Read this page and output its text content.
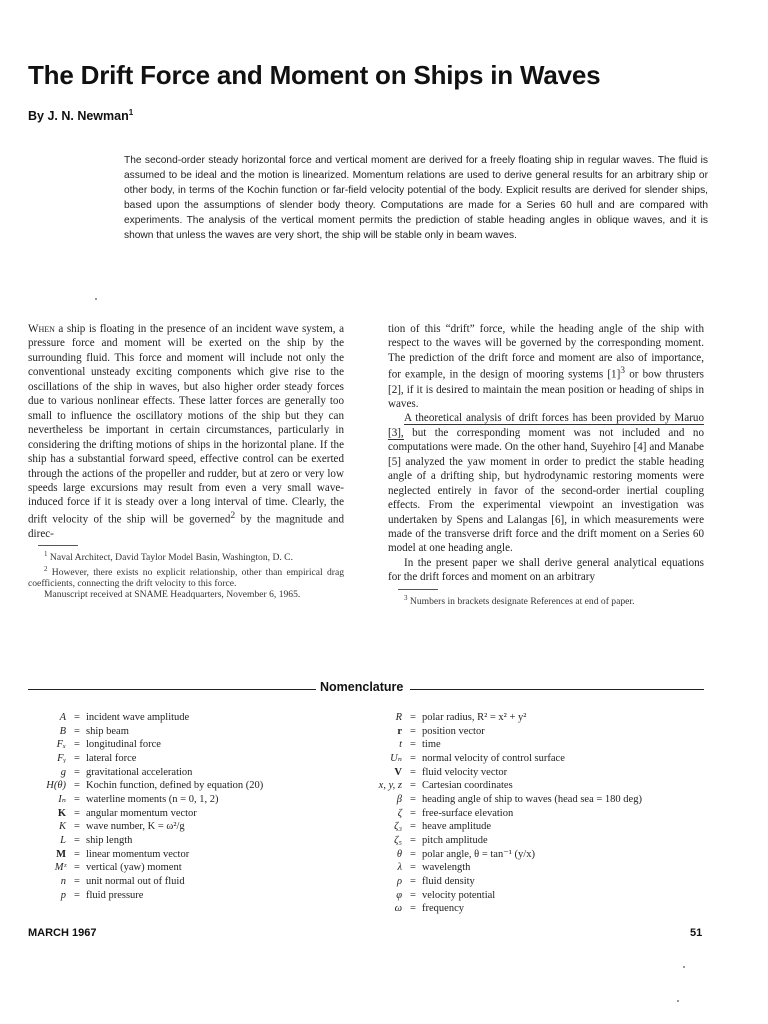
The Drift Force and Moment on Ships in Waves
By J. N. Newman$^1$
The second-order steady horizontal force and vertical moment are derived for a freely floating ship in regular waves. The fluid is assumed to be ideal and the motion is linearized. Momentum relations are used to derive general results for an arbitrary ship or other body, in terms of the Kochin function or far-field velocity potential of the body. Explicit results are derived for slender ships, based upon the assumptions of slender body theory. Computations are made for a Series 60 hull and are compared with experiments. The analysis of the vertical moment permits the prediction of stable heading angles in oblique waves, and it is shown that unless the waves are very short, the ship will be stable only in beam waves.

When a ship is floating in the presence of an incident wave system, a pressure force and moment will be exerted on the ship by the surrounding fluid. This force and moment will include not only the conventional unsteady exciting components which give rise to the oscillations of the ship in waves, but also higher order steady forces due to various nonlinear effects. These latter forces are generally too small to influence the oscillatory motions of the ship but they can nevertheless be important in certain circumstances, particularly in considering the drifting motions of ships in the horizontal plane. If the ship has a substantial forward speed, effective control can be exerted through the actions of the propeller and rudder, but at zero or very low speeds large excursions may result from even a very small wave-induced force if it is steady over a long interval of time. Clearly, the drift velocity of the ship will be governed$^2$ by the magnitude and direc-

$^1$ Naval Architect, David Taylor Model Basin, Washington, D. C.

$^2$ However, there exists no explicit relationship, other than empirical drag coefficients, connecting the drift velocity to this force.

Manuscript received at SNAME Headquarters, November 6, 1965.

tion of this “drift” force, while the heading angle of the ship with respect to the waves will be governed by the corresponding moment. The prediction of the drift force and moment are also of importance, for example, in the design of mooring systems [1]$^3$ or bow thrusters [2], if it is desired to maintain the mean position or heading of ships in waves.

A theoretical analysis of drift forces has been provided by Maruo [3], but the corresponding moment was not included and no computations were made. On the other hand, Suyehiro [4] and Manabe [5] analyzed the yaw moment in order to predict the stable heading angle of a drifting ship, but hydrodynamic restoring moments were neglected entirely in favor of the second-order inertial coupling effects. From the experimental viewpoint an investigation was undertaken by Spens and Lalangas [6], in which measurements were made of the transverse drift force and the drift moment on a Series 60 model at one heading angle.

In the present paper we shall derive general analytical equations for the drift forces and moment on an arbitrary

$^3$ Numbers in brackets designate References at end of paper.

Nomenclature
A = incident wave amplitude
B = ship beam
Fₓ = longitudinal force
Fᵧ = lateral force
g = gravitational acceleration
H(θ) = Kochin function, defined by equation (20)
Iₙ = waterline moments (n = 0, 1, 2)
K = angular momentum vector
K = wave number, K = ω²/g
L = ship length
M = linear momentum vector
Mᶻ = vertical (yaw) moment
n = unit normal out of fluid
p = fluid pressure
R = polar radius, R² = x² + y²
r = position vector
t = time
Uₙ = normal velocity of control surface
V = fluid velocity vector
x, y, z = Cartesian coordinates
β = heading angle of ship to waves (head sea = 180 deg)
ζ = free-surface elevation
ζ₃ = heave amplitude
ζ₅ = pitch amplitude
θ = polar angle, θ = tan⁻¹ (y/x)
λ = wavelength
ρ = fluid density
φ = velocity potential
ω = frequency
MARCH 1967	51
